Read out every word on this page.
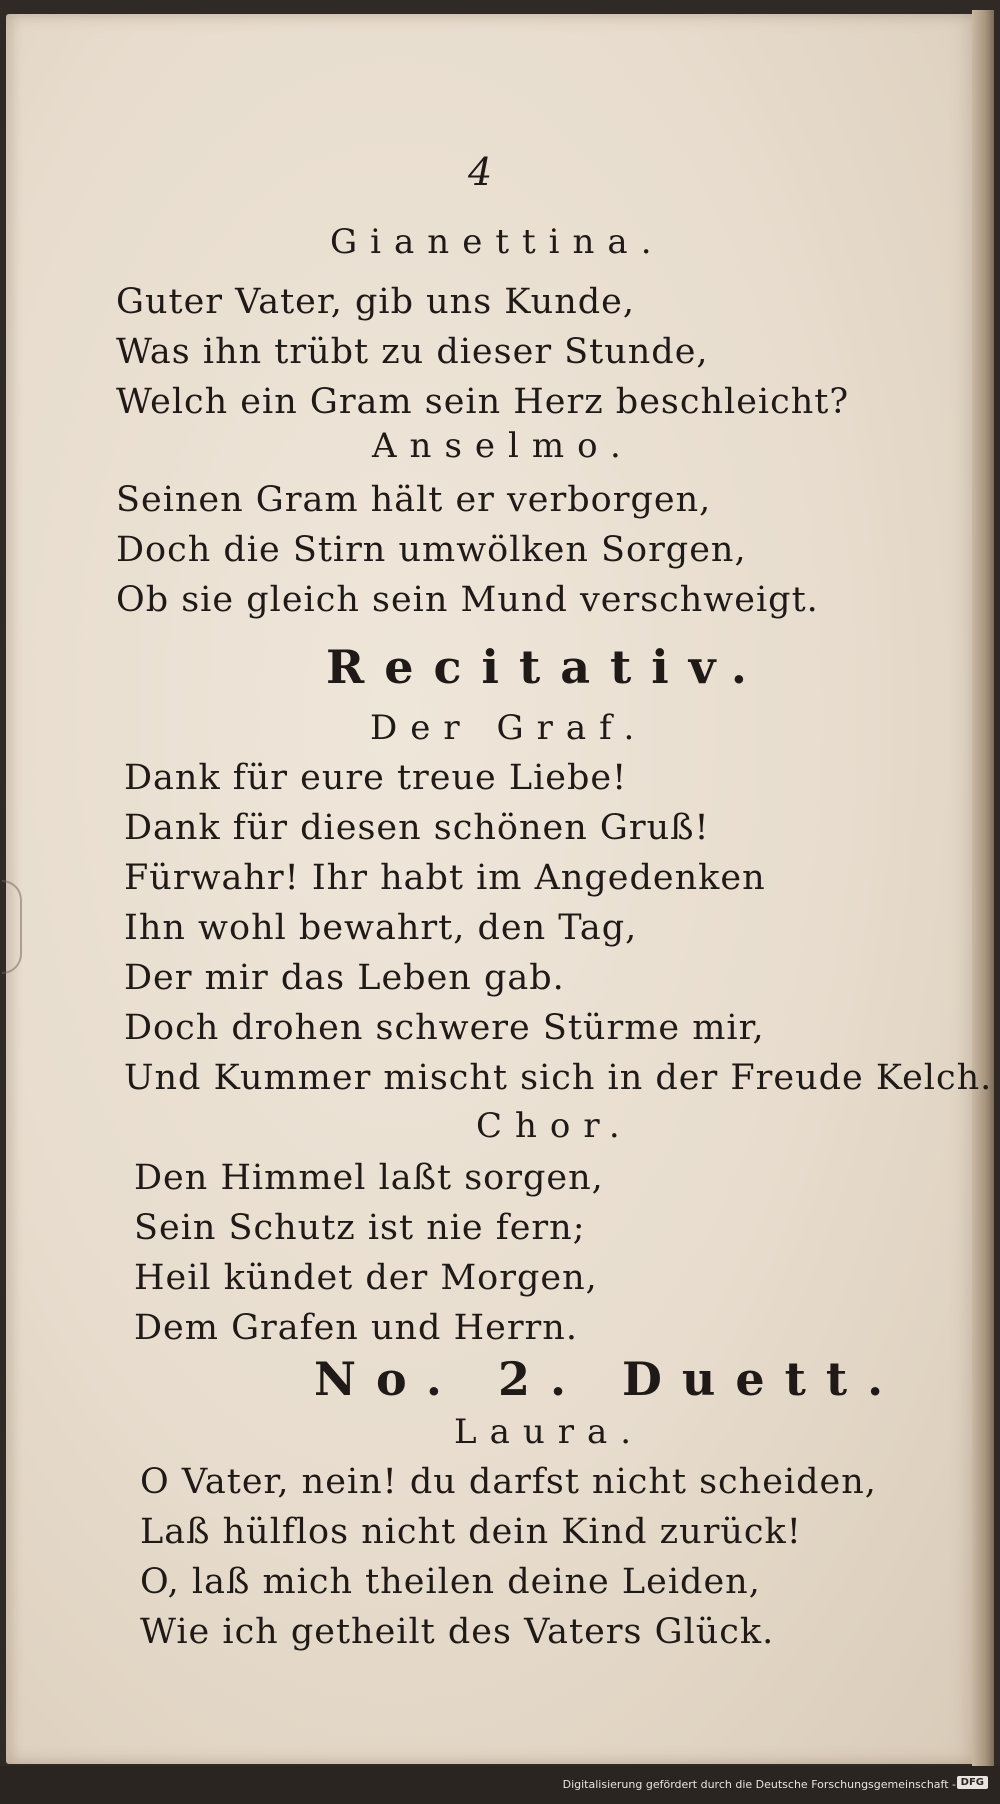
4
Gianettina.
Guter Vater, gib uns Kunde,
Was ihn trübt zu dieser Stunde,
Welch ein Gram sein Herz beschleicht?
Anselmo.
Seinen Gram hält er verborgen,
Doch die Stirn umwölken Sorgen,
Ob sie gleich sein Mund verschweigt.
Recitativ.
Der Graf.
Dank für eure treue Liebe!
Dank für diesen schönen Gruß!
Fürwahr! Ihr habt im Angedenken
Ihn wohl bewahrt, den Tag,
Der mir das Leben gab.
Doch drohen schwere Stürme mir,
Und Kummer mischt sich in der Freude Kelch.
Chor.
Den Himmel laßt sorgen,
Sein Schutz ist nie fern;
Heil kündet der Morgen,
Dem Grafen und Herrn.
No. 2. Duett.
Laura.
O Vater, nein! du darfst nicht scheiden,
Laß hülflos nicht dein Kind zurück!
O, laß mich theilen deine Leiden,
Wie ich getheilt des Vaters Glück.
Digitalisierung gefördert durch die Deutsche Forschungsgemeinschaft - DFG
